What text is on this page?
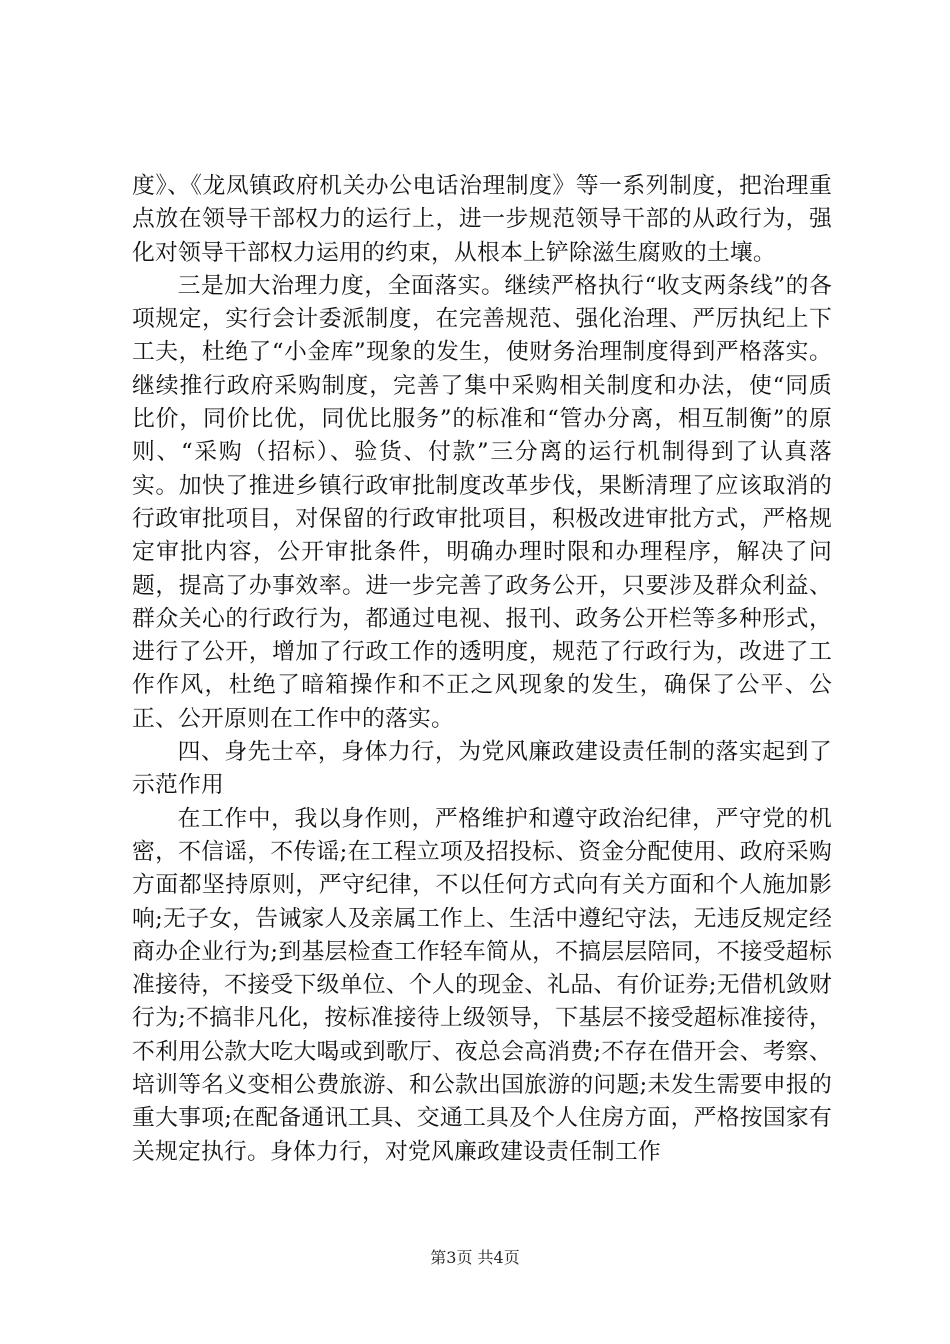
度》、《龙凤镇政府机关办公电话治理制度》等一系列制度，把治理重点放在领导干部权力的运行上，进一步规范领导干部的从政行为，强化对领导干部权力运用的约束，从根本上铲除滋生腐败的土壤。

三是加大治理力度，全面落实。继续严格执行“收支两条线”的各项规定，实行会计委派制度，在完善规范、强化治理、严厉执纪上下工夫，杜绝了“小金库”现象的发生，使财务治理制度得到严格落实。继续推行政府采购制度，完善了集中采购相关制度和办法，使“同质比价，同价比优，同优比服务”的标准和“管办分离，相互制衡”的原则、“采购（招标）、验货、付款”三分离的运行机制得到了认真落实。加快了推进乡镇行政审批制度改革步伐，果断清理了应该取消的行政审批项目，对保留的行政审批项目，积极改进审批方式，严格规定审批内容，公开审批条件，明确办理时限和办理程序，解决了问题，提高了办事效率。进一步完善了政务公开，只要涉及群众利益、群众关心的行政行为，都通过电视、报刊、政务公开栏等多种形式，进行了公开，增加了行政工作的透明度，规范了行政行为，改进了工作作风，杜绝了暗箱操作和不正之风现象的发生，确保了公平、公正、公开原则在工作中的落实。

四、身先士卒，身体力行，为党风廉政建设责任制的落实起到了示范作用

在工作中，我以身作则，严格维护和遵守政治纪律，严守党的机密，不信谣，不传谣;在工程立项及招投标、资金分配使用、政府采购方面都坚持原则，严守纪律，不以任何方式向有关方面和个人施加影响;无子女，告诫家人及亲属工作上、生活中遵纪守法，无违反规定经商办企业行为;到基层检查工作轻车简从，不搞层层陪同，不接受超标准接待，不接受下级单位、个人的现金、礼品、有价证券;无借机敛财行为;不搞非凡化，按标准接待上级领导，下基层不接受超标准接待，不利用公款大吃大喝或到歌厅、夜总会高消费;不存在借开会、考察、培训等名义变相公费旅游、和公款出国旅游的问题;未发生需要申报的重大事项;在配备通讯工具、交通工具及个人住房方面，严格按国家有关规定执行。身体力行，对党风廉政建设责任制工作

第3页 共4页
